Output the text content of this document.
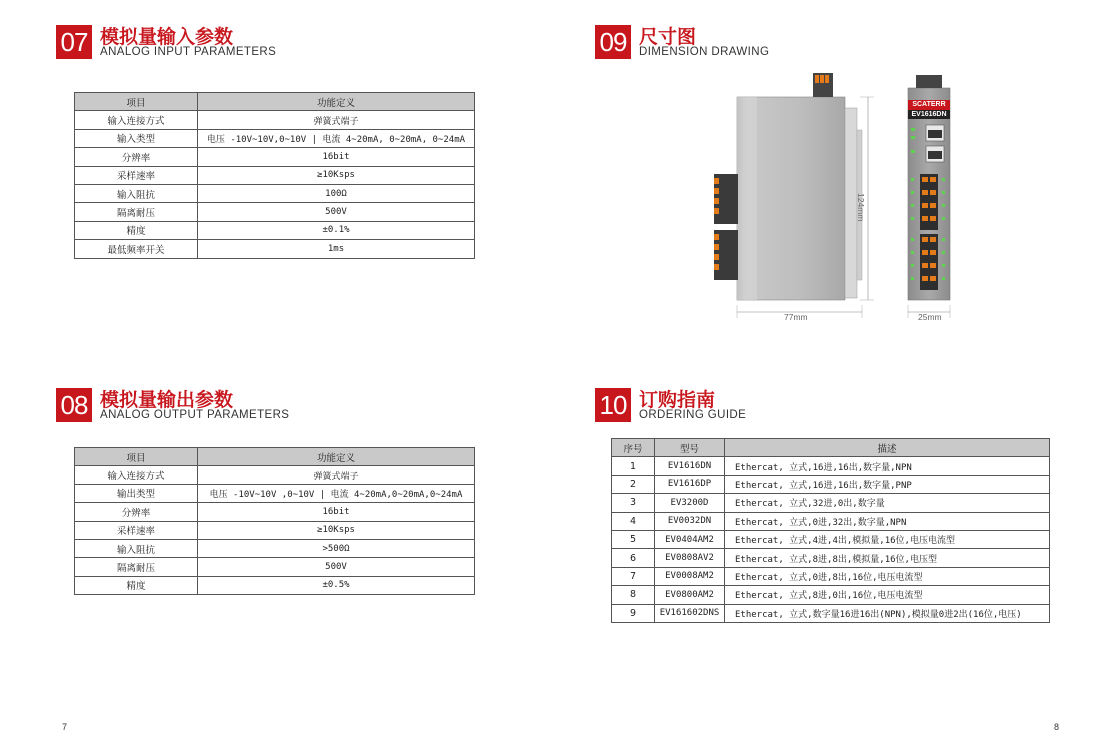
07 模拟量输入参数
ANALOG INPUT PARAMETERS
项目	功能定义
输入连接方式	弹簧式端子
输入类型	电压 -10V~10V,0~10V | 电流 4~20mA, 0~20mA, 0~24mA
分辨率	16bit
采样速率	≥10Ksps
输入阻抗	100Ω
隔离耐压	500V
精度	±0.1%
最低频率开关	1ms
08 模拟量输出参数
ANALOG OUTPUT PARAMETERS
项目	功能定义
输入连接方式	弹簧式端子
输出类型	电压 -10V~10V ,0~10V | 电流 4~20mA,0~20mA,0~24mA
分辨率	16bit
采样速率	≥10Ksps
输入阻抗	>500Ω
隔离耐压	500V
精度	±0.5%
09 尺寸图
DIMENSION DRAWING
SCATERR
EV1616DN
124mm
77mm	25mm
10 订购指南
ORDERING GUIDE
序号	型号	描述
1	EV1616DN	Ethercat, 立式,16进,16出,数字量,NPN
2	EV1616DP	Ethercat, 立式,16进,16出,数字量,PNP
3	EV3200D	Ethercat, 立式,32进,0出,数字量
4	EV0032DN	Ethercat, 立式,0进,32出,数字量,NPN
5	EV0404AM2	Ethercat, 立式,4进,4出,模拟量,16位,电压电流型
6	EV0808AV2	Ethercat, 立式,8进,8出,模拟量,16位,电压型
7	EV0008AM2	Ethercat, 立式,0进,8出,16位,电压电流型
8	EV0800AM2	Ethercat, 立式,8进,0出,16位,电压电流型
9	EV161602DNS	Ethercat, 立式,数字量16进16出(NPN),模拟量0进2出(16位,电压)
7	8
